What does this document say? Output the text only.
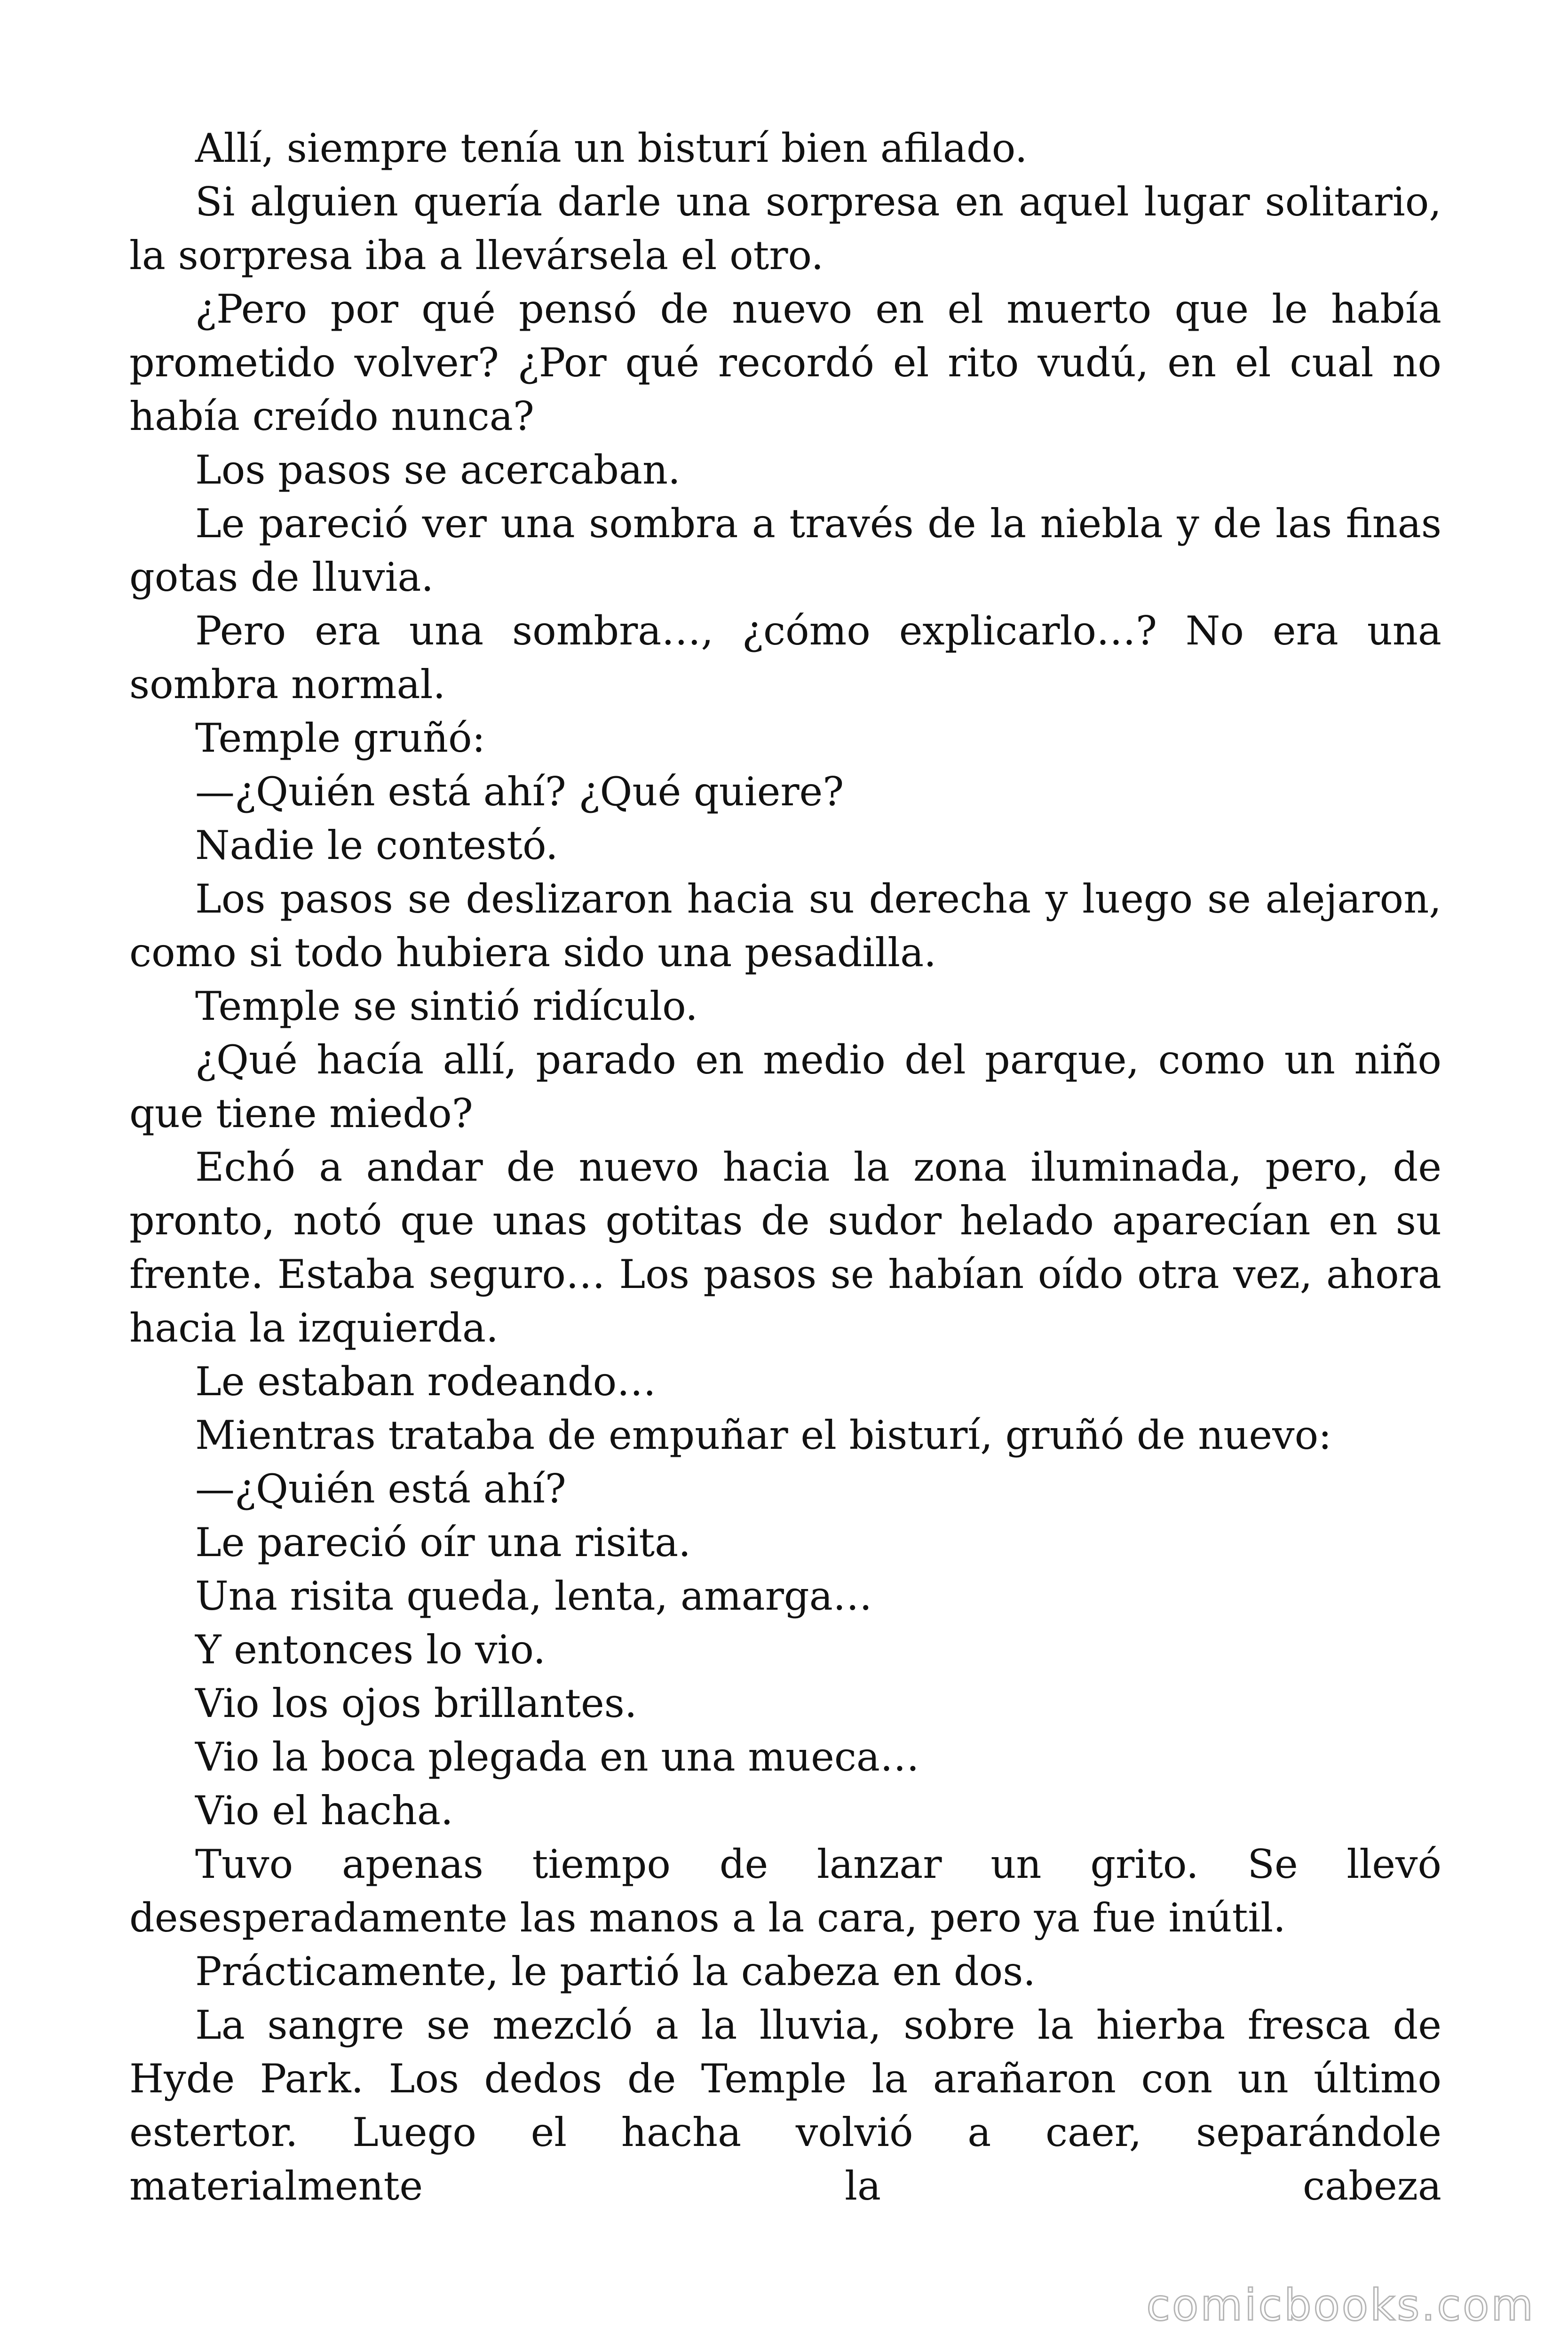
Allí, siempre tenía un bisturí bien afilado.

Si alguien quería darle una sorpresa en aquel lugar solitario, la sorpresa iba a llevársela el otro.

¿Pero por qué pensó de nuevo en el muerto que le había prometido volver? ¿Por qué recordó el rito vudú, en el cual no había creído nunca?

Los pasos se acercaban.

Le pareció ver una sombra a través de la niebla y de las finas gotas de lluvia.

Pero era una sombra…, ¿cómo explicarlo…? No era una sombra normal.

Temple gruñó:

—¿Quién está ahí? ¿Qué quiere?

Nadie le contestó.

Los pasos se deslizaron hacia su derecha y luego se alejaron, como si todo hubiera sido una pesadilla.

Temple se sintió ridículo.

¿Qué hacía allí, parado en medio del parque, como un niño que tiene miedo?

Echó a andar de nuevo hacia la zona iluminada, pero, de pronto, notó que unas gotitas de sudor helado aparecían en su frente. Estaba seguro… Los pasos se habían oído otra vez, ahora hacia la izquierda.

Le estaban rodeando…

Mientras trataba de empuñar el bisturí, gruñó de nuevo:

—¿Quién está ahí?

Le pareció oír una risita.

Una risita queda, lenta, amarga…

Y entonces lo vio.

Vio los ojos brillantes.

Vio la boca plegada en una mueca…

Vio el hacha.

Tuvo apenas tiempo de lanzar un grito. Se llevó desesperadamente las manos a la cara, pero ya fue inútil.

Prácticamente, le partió la cabeza en dos.

La sangre se mezcló a la lluvia, sobre la hierba fresca de Hyde Park. Los dedos de Temple la arañaron con un último estertor. Luego el hacha volvió a caer, separándole materialmente la cabeza

comicbooks.com
